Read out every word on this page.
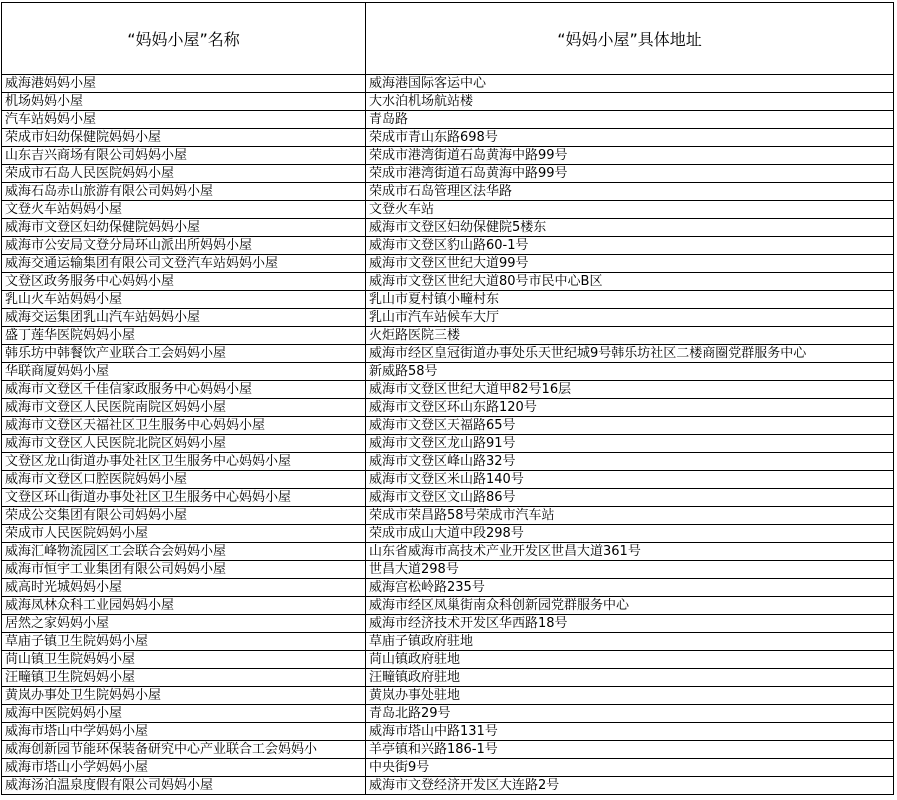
“妈妈小屋”名称	“妈妈小屋”具体地址
威海港妈妈小屋	威海港国际客运中心
机场妈妈小屋	大水泊机场航站楼
汽车站妈妈小屋	青岛路
荣成市妇幼保健院妈妈小屋	荣成市青山东路698号
山东吉兴商场有限公司妈妈小屋	荣成市港湾街道石岛黄海中路99号
荣成市石岛人民医院妈妈小屋	荣成市港湾街道石岛黄海中路99号
威海石岛赤山旅游有限公司妈妈小屋	荣成市石岛管理区法华路
文登火车站妈妈小屋	文登火车站
威海市文登区妇幼保健院妈妈小屋	威海市文登区妇幼保健院5楼东
威海市公安局文登分局环山派出所妈妈小屋	威海市文登区豹山路60-1号
威海交通运输集团有限公司文登汽车站妈妈小屋	威海市文登区世纪大道99号
文登区政务服务中心妈妈小屋	威海市文登区世纪大道80号市民中心B区
乳山火车站妈妈小屋	乳山市夏村镇小疃村东
威海交运集团乳山汽车站妈妈小屋	乳山市汽车站候车大厅
盛丁莲华医院妈妈小屋	火炬路医院三楼
韩乐坊中韩餐饮产业联合工会妈妈小屋	威海市经区皇冠街道办事处乐天世纪城9号韩乐坊社区二楼商圈党群服务中心
华联商厦妈妈小屋	新威路58号
威海市文登区千佳信家政服务中心妈妈小屋	威海市文登区世纪大道甲82号16层
威海市文登区人民医院南院区妈妈小屋	威海市文登区环山东路120号
威海市文登区天福社区卫生服务中心妈妈小屋	威海市文登区天福路65号
威海市文登区人民医院北院区妈妈小屋	威海市文登区龙山路91号
文登区龙山街道办事处社区卫生服务中心妈妈小屋	威海市文登区峰山路32号
威海市文登区口腔医院妈妈小屋	威海市文登区米山路140号
文登区环山街道办事处社区卫生服务中心妈妈小屋	威海市文登区文山路86号
荣成公交集团有限公司妈妈小屋	荣成市荣昌路58号荣成市汽车站
荣成市人民医院妈妈小屋	荣成市成山大道中段298号
威海汇峰物流园区工会联合会妈妈小屋	山东省威海市高技术产业开发区世昌大道361号
威海市恒宇工业集团有限公司妈妈小屋	世昌大道298号
威高时光城妈妈小屋	威海宫松岭路235号
威海凤林众科工业园妈妈小屋	威海市经区凤巢街南众科创新园党群服务中心
居然之家妈妈小屋	威海市经济技术开发区华西路18号
草庙子镇卫生院妈妈小屋	草庙子镇政府驻地
苘山镇卫生院妈妈小屋	苘山镇政府驻地
汪疃镇卫生院妈妈小屋	汪疃镇政府驻地
黄岚办事处卫生院妈妈小屋	黄岚办事处驻地
威海中医院妈妈小屋	青岛北路29号
威海市塔山中学妈妈小屋	威海市塔山中路131号
威海创新园节能环保装备研究中心产业联合工会妈妈小	羊亭镇和兴路186-1号
威海市塔山小学妈妈小屋	中央街9号
威海汤泊温泉度假有限公司妈妈小屋	威海市文登经济开发区大连路2号
